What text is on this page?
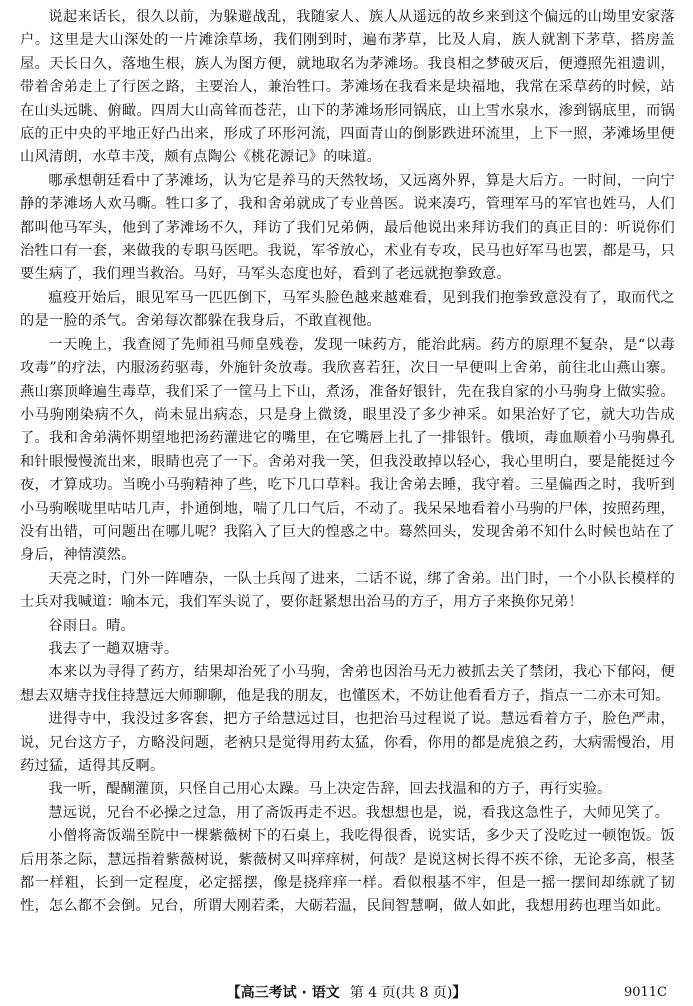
说起来话长，很久以前，为躲避战乱，我随家人、族人从遥远的故乡来到这个偏远的山坳里安家落户。这里是大山深处的一片滩涂草场，我们刚到时，遍布茅草，比及人肩，族人就割下茅草，搭房盖屋。天长日久，落地生根，族人为图方便，就地取名为茅滩场。我良相之梦破灭后，便遵照先祖遗训，带着舍弟走上了行医之路，主要治人，兼治牲口。茅滩场在我看来是块福地，我常在采草药的时候，站在山头远眺、俯瞰。四周大山高耸而苍茫，山下的茅滩场形同锅底，山上雪水泉水，渗到锅底里，而锅底的正中央的平地正好凸出来，形成了环形河流，四面青山的倒影跌进环流里，上下一照，茅滩场里便山风清朗，水草丰茂，颇有点陶公《桃花源记》的味道。

哪承想朝廷看中了茅滩场，认为它是养马的天然牧场，又远离外界，算是大后方。一时间，一向宁静的茅滩场人欢马嘶。牲口多了，我和舍弟就成了专业兽医。说来凑巧，管理军马的军官也姓马，人们都叫他马军头，他到了茅滩场不久，拜访了我们兄弟俩，最后他说出来拜访我们的真正目的：听说你们治牲口有一套，来做我的专职马医吧。我说，军爷放心，术业有专攻，民马也好军马也罢，都是马，只要生病了，我们理当救治。马好，马军头态度也好，看到了老远就抱拳致意。

瘟疫开始后，眼见军马一匹匹倒下，马军头脸色越来越难看，见到我们抱拳致意没有了，取而代之的是一脸的杀气。舍弟每次都躲在我身后，不敢直视他。

一天晚上，我查阅了先师祖马师皇残卷，发现一味药方，能治此病。药方的原理不复杂，是“以毒攻毒”的疗法，内服汤药驱毒，外施针灸放毒。我欣喜若狂，次日一早便叫上舍弟，前往北山燕山寨。燕山寨顶峰遍生毒草，我们采了一筐马上下山，煮汤，准备好银针，先在我自家的小马驹身上做实验。小马驹刚染病不久，尚未显出病态，只是身上微烫，眼里没了多少神采。如果治好了它，就大功告成了。我和舍弟满怀期望地把汤药灌进它的嘴里，在它嘴唇上扎了一排银针。俄顷，毒血顺着小马驹鼻孔和针眼慢慢流出来，眼睛也亮了一下。舍弟对我一笑，但我没敢掉以轻心，我心里明白，要是能挺过今夜，才算成功。当晚小马驹精神了些，吃下几口草料。我让舍弟去睡，我守着。三星偏西之时，我听到小马驹喉咙里咕咕几声，扑通倒地，喘了几口气后，不动了。我呆呆地看着小马驹的尸体，按照药理，没有出错，可问题出在哪儿呢？我陷入了巨大的惶惑之中。蓦然回头，发现舍弟不知什么时候也站在了身后，神情漠然。

天亮之时，门外一阵嘈杂，一队士兵闯了进来，二话不说，绑了舍弟。出门时，一个小队长模样的士兵对我喊道：喻本元，我们军头说了，要你赶紧想出治马的方子，用方子来换你兄弟！

谷雨日。晴。

我去了一趟双塘寺。

本来以为寻得了药方，结果却治死了小马驹，舍弟也因治马无力被抓去关了禁闭，我心下郁闷，便想去双塘寺找住持慧远大师聊聊，他是我的朋友，也懂医术，不妨让他看看方子，指点一二亦未可知。

进得寺中，我没过多客套，把方子给慧远过目，也把治马过程说了说。慧远看着方子，脸色严肃，说，兄台这方子，方略没问题，老衲只是觉得用药太猛，你看，你用的都是虎狼之药，大病需慢治，用药过猛，适得其反啊。

我一听，醍醐灌顶，只怪自己用心太躁。马上决定告辞，回去找温和的方子，再行实验。

慧远说，兄台不必操之过急，用了斋饭再走不迟。我想想也是，说，看我这急性子，大师见笑了。

小僧将斋饭端至院中一棵紫薇树下的石桌上，我吃得很香，说实话，多少天了没吃过一顿饱饭。饭后用茶之际，慧远指着紫薇树说，紫薇树又叫痒痒树，何哉？是说这树长得不疾不徐，无论多高，根茎都一样粗，长到一定程度，必定摇摆，像是挠痒痒一样。看似根基不牢，但是一摇一摆间却练就了韧性，怎么都不会倒。兄台，所谓大刚若柔，大砺若温，民间智慧啊，做人如此，我想用药也理当如此。

【高三考试 · 语文 第 4 页(共 8 页)】	9011C
